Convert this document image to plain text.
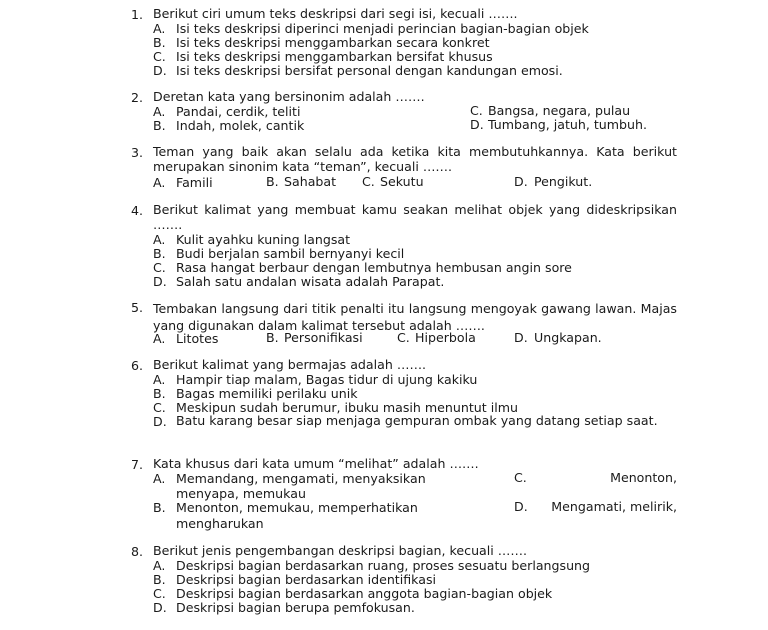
1. Berikut ciri umum teks deskripsi dari segi isi, kecuali …….
A. Isi teks deskripsi diperinci menjadi perincian bagian-bagian objek
B. Isi teks deskripsi menggambarkan secara konkret
C. Isi teks deskripsi menggambarkan bersifat khusus
D. Isi teks deskripsi bersifat personal dengan kandungan emosi.
2. Deretan kata yang bersinonim adalah …….
A. Pandai, cerdik, teliti
B. Indah, molek, cantik
C. Bangsa, negara, pulau
D. Tumbang, jatuh, tumbuh.
3. Teman yang baik akan selalu ada ketika kita membutuhkannya. Kata berikut merupakan sinonim kata “teman”, kecuali …….
A. Famili	B. Sahabat C. Sekutu	D. Pengikut.
4. Berikut kalimat yang membuat kamu seakan melihat objek yang dideskripsikan …….
A. Kulit ayahku kuning langsat
B. Budi berjalan sambil bernyanyi kecil
C. Rasa hangat berbaur dengan lembutnya hembusan angin sore
D. Salah satu andalan wisata adalah Parapat.
5. Tembakan langsung dari titik penalti itu langsung mengoyak gawang lawan. Majas yang digunakan dalam kalimat tersebut adalah …….
A. Litotes	B. Personifikasi	C. Hiperbola	D. Ungkapan.
6. Berikut kalimat yang bermajas adalah …….
A. Hampir tiap malam, Bagas tidur di ujung kakiku
B. Bagas memiliki perilaku unik
C. Meskipun sudah berumur, ibuku masih menuntut ilmu
D. Batu karang besar siap menjaga gempuran ombak yang datang setiap saat.
7. Kata khusus dari kata umum “melihat” adalah …….
A. Memandang, mengamati, menyaksikan
menyapa, memukau
B. Menonton, memukau, memperhatikan
mengharukan
C.	Menonton,
D.	Mengamati, melirik,
8. Berikut jenis pengembangan deskripsi bagian, kecuali …….
A. Deskripsi bagian berdasarkan ruang, proses sesuatu berlangsung
B. Deskripsi bagian berdasarkan identifikasi
C. Deskripsi bagian berdasarkan anggota bagian-bagian objek
D. Deskripsi bagian berupa pemfokusan.
